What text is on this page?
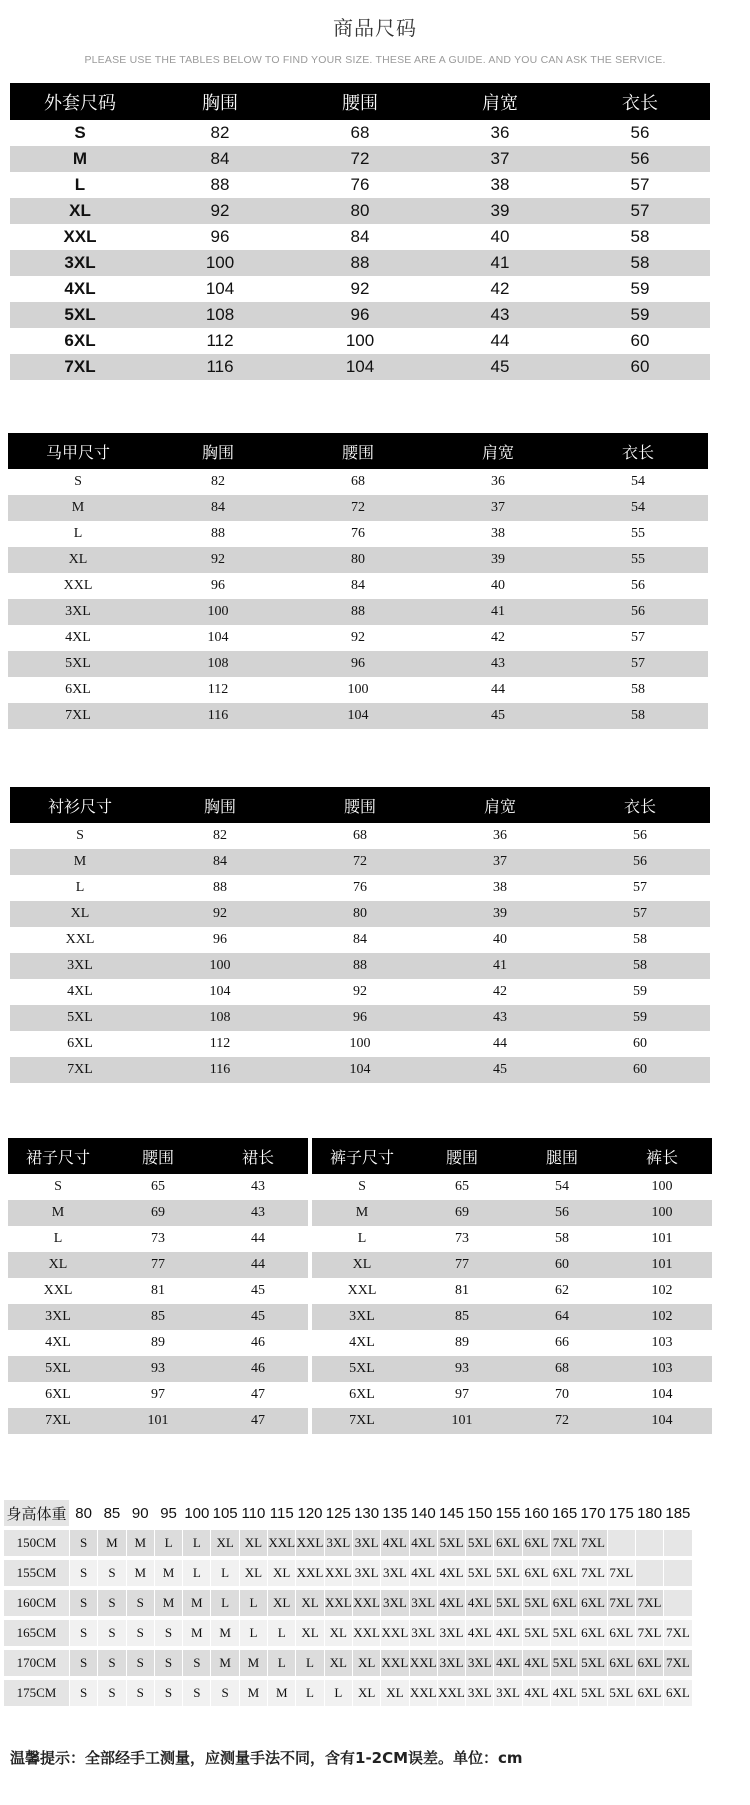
商品尺码
PLEASE USE THE TABLES BELOW TO FIND YOUR SIZE. THESE ARE A GUIDE. AND YOU CAN ASK THE SERVICE.
外套尺码	胸围	腰围	肩宽	衣长
S	82	68	36	56
M	84	72	37	56
L	88	76	38	57
XL	92	80	39	57
XXL	96	84	40	58
3XL	100	88	41	58
4XL	104	92	42	59
5XL	108	96	43	59
6XL	112	100	44	60
7XL	116	104	45	60
马甲尺寸	胸围	腰围	肩宽	衣长
S	82	68	36	54
M	84	72	37	54
L	88	76	38	55
XL	92	80	39	55
XXL	96	84	40	56
3XL	100	88	41	56
4XL	104	92	42	57
5XL	108	96	43	57
6XL	112	100	44	58
7XL	116	104	45	58
衬衫尺寸	胸围	腰围	肩宽	衣长
S	82	68	36	56
M	84	72	37	56
L	88	76	38	57
XL	92	80	39	57
XXL	96	84	40	58
3XL	100	88	41	58
4XL	104	92	42	59
5XL	108	96	43	59
6XL	112	100	44	60
7XL	116	104	45	60
裙子尺寸	腰围	裙长
S	65	43
M	69	43
L	73	44
XL	77	44
XXL	81	45
3XL	85	45
4XL	89	46
5XL	93	46
6XL	97	47
7XL	101	47
裤子尺寸	腰围	腿围	裤长
S	65	54	100
M	69	56	100
L	73	58	101
XL	77	60	101
XXL	81	62	102
3XL	85	64	102
4XL	89	66	103
5XL	93	68	103
6XL	97	70	104
7XL	101	72	104
身高体重 80 85 90 95 100 105 110 115 120 125 130 135 140 145 150 155 160 165 170 175 180 185
150CM	S	M	M	L	L	XL XL XXL XXL 3XL 3XL 4XL 4XL 5XL 5XL 6XL 6XL 7XL 7XL
155CM	S	S	M	M	L	L	XL XL XXL XXL 3XL 3XL 4XL 4XL 5XL 5XL 6XL 6XL 7XL 7XL
160CM	S	S	S	M	M	L	L	XL XL XXL XXL 3XL 3XL 4XL 4XL 5XL 5XL 6XL 6XL 7XL 7XL
165CM	S	S	S	S	M	M	L	L	XL XL XXL XXL 3XL 3XL 4XL 4XL 5XL 5XL 6XL 6XL 7XL 7XL
170CM	S	S	S	S	S	M	M	L	L	XL XL XXL XXL 3XL 3XL 4XL 4XL 5XL 5XL 6XL 6XL 7XL
175CM	S	S	S	S	S	S	M	M	L	L	XL XL XXL XXL 3XL 3XL 4XL 4XL 5XL 5XL 6XL 6XL
温馨提示：全部经手工测量，应测量手法不同，含有1-2CM误差。单位：cm
